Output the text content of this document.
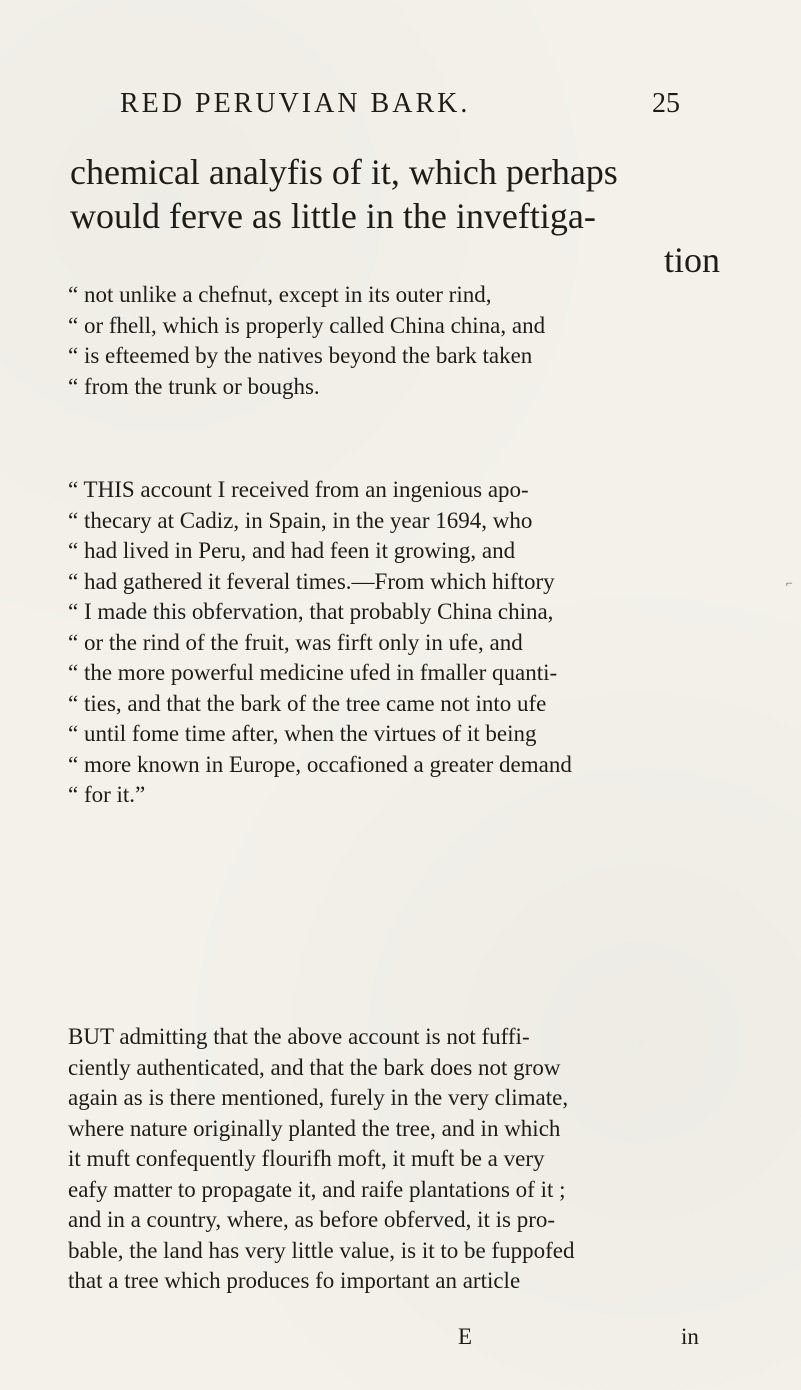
RED PERUVIAN BARK.	25
chemical analyfis of it, which perhaps
would ferve as little in the inveftiga-
tion
“ not unlike a chefnut, except in its outer rind,
“ or fhell, which is properly called China china, and
“ is efteemed by the natives beyond the bark taken
“ from the trunk or boughs.
“ THIS account I received from an ingenious apo-
“ thecary at Cadiz, in Spain, in the year 1694, who
“ had lived in Peru, and had feen it growing, and
“ had gathered it feveral times.—From which hiftory
“ I made this obfervation, that probably China china,
“ or the rind of the fruit, was firft only in ufe, and
“ the more powerful medicine ufed in fmaller quanti-
“ ties, and that the bark of the tree came not into ufe
“ until fome time after, when the virtues of it being
“ more known in Europe, occafioned a greater demand
“ for it.”
BUT admitting that the above account is not fuffi-
ciently authenticated, and that the bark does not grow
again as is there mentioned, furely in the very climate,
where nature originally planted the tree, and in which
it muft confequently flourifh moft, it muft be a very
eafy matter to propagate it, and raife plantations of it ;
and in a country, where, as before obferved, it is pro-
bable, the land has very little value, is it to be fuppofed
that a tree which produces fo important an article
E	in
⌐
